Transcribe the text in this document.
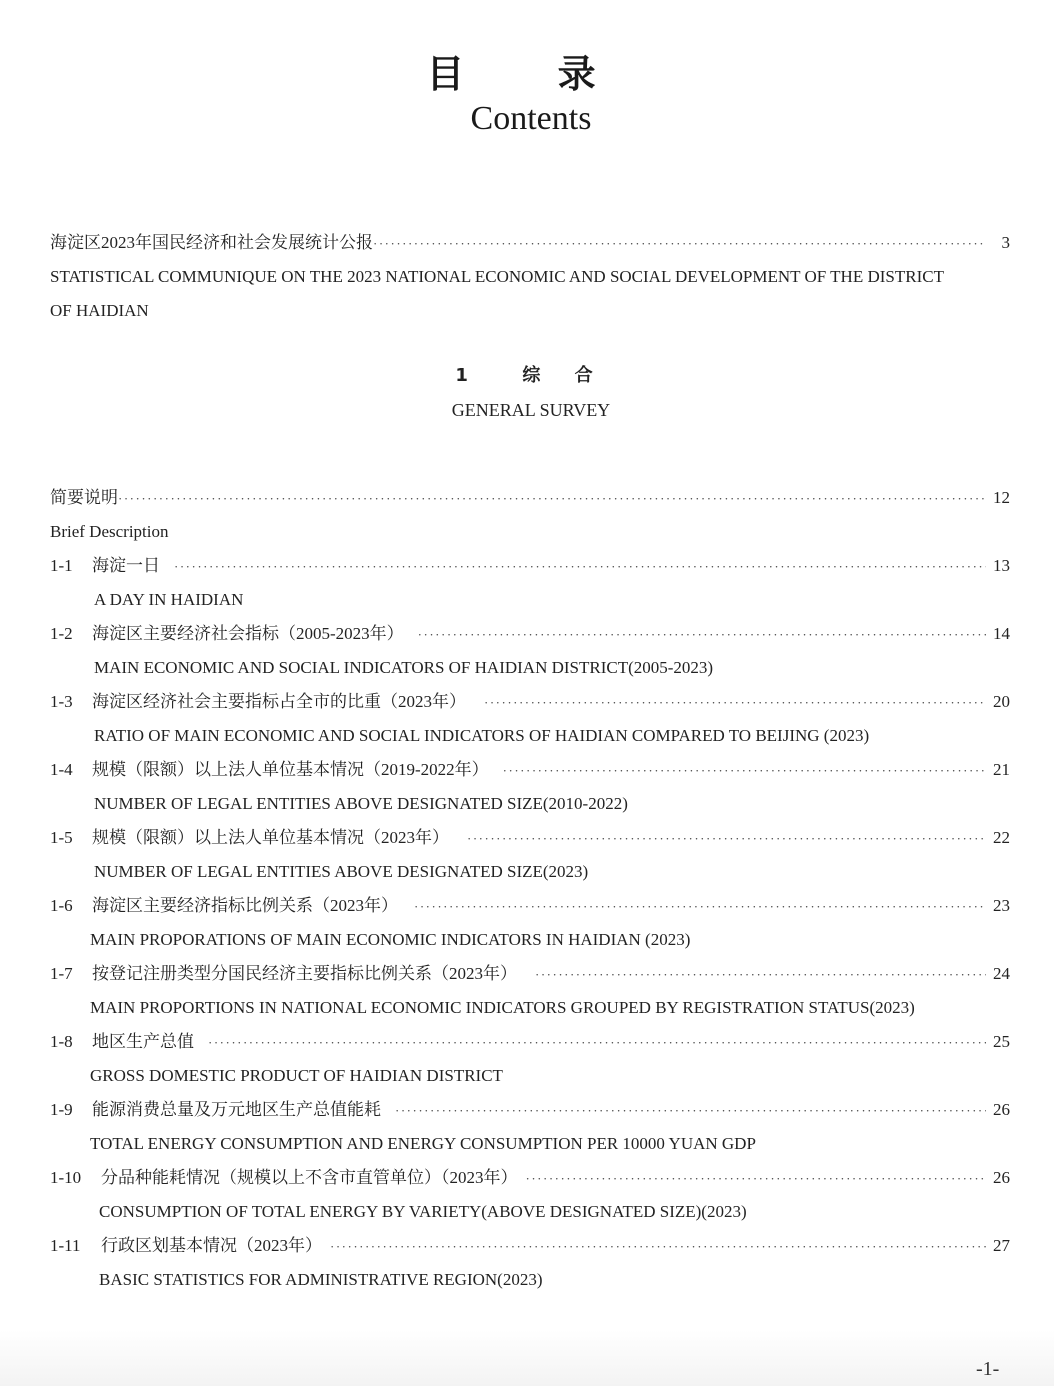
目 录
Contents
海淀区2023年国民经济和社会发展统计公报 ·····	3
STATISTICAL COMMUNIQUE ON THE 2023 NATIONAL ECONOMIC AND SOCIAL DEVELOPMENT OF THE DISTRICT
OF HAIDIAN
1 综 合
GENERAL SURVEY
简要说明 ·····	12
Brief Description
1-1	海淀一日 ·····	13
A DAY IN HAIDIAN
1-2	海淀区主要经济社会指标（2005-2023年） ·····	14
MAIN ECONOMIC AND SOCIAL INDICATORS OF HAIDIAN DISTRICT(2005-2023)
1-3	海淀区经济社会主要指标占全市的比重（2023年） ·····	20
RATIO OF MAIN ECONOMIC AND SOCIAL INDICATORS OF HAIDIAN COMPARED TO BEIJING (2023)
1-4	规模（限额）以上法人单位基本情况（2019-2022年） ·····	21
NUMBER OF LEGAL ENTITIES ABOVE DESIGNATED SIZE(2010-2022)
1-5	规模（限额）以上法人单位基本情况（2023年） ·····	22
NUMBER OF LEGAL ENTITIES ABOVE DESIGNATED SIZE(2023)
1-6	海淀区主要经济指标比例关系（2023年） ·····	23
MAIN PROPORATIONS OF MAIN ECONOMIC INDICATORS IN HAIDIAN (2023)
1-7	按登记注册类型分国民经济主要指标比例关系（2023年） ·····	24
MAIN PROPORTIONS IN NATIONAL ECONOMIC INDICATORS GROUPED BY REGISTRATION STATUS(2023)
1-8	地区生产总值 ·····	25
GROSS DOMESTIC PRODUCT OF HAIDIAN DISTRICT
1-9	能源消费总量及万元地区生产总值能耗 ·····	26
TOTAL ENERGY CONSUMPTION AND ENERGY CONSUMPTION PER 10000 YUAN GDP
1-10	分品种能耗情况（规模以上不含市直管单位）（2023年） ·····	26
CONSUMPTION OF TOTAL ENERGY BY VARIETY(ABOVE DESIGNATED SIZE)(2023)
1-11	行政区划基本情况（2023年） ·····	27
BASIC STATISTICS FOR ADMINISTRATIVE REGION(2023)
-1-
